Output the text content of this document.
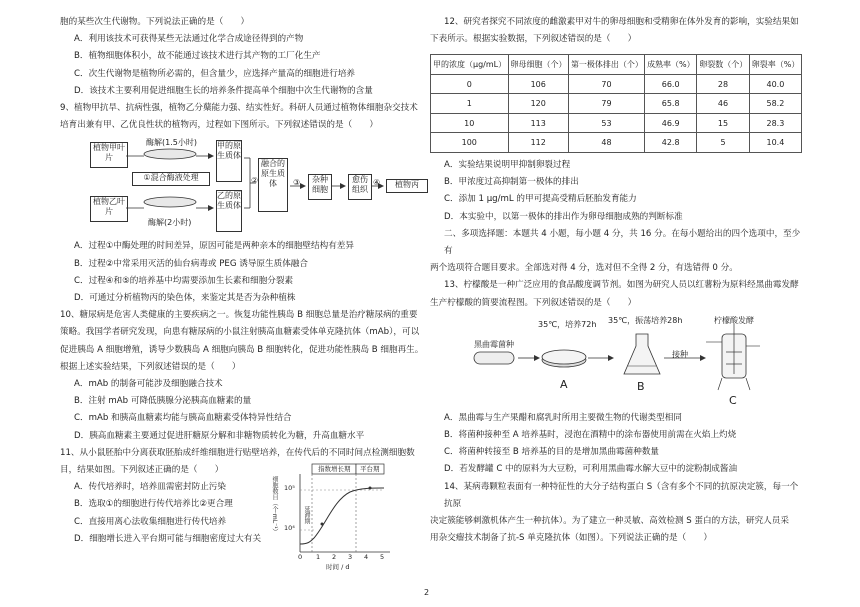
胞的某些次生代谢物。下列说法正确的是（　　）

A．利用该技术可获得某些无法通过化学合成途径得到的产物

B．植物细胞体积小，故不能通过该技术进行其产物的工厂化生产

C．次生代谢物是植物所必需的，但含量少，应选择产量高的细胞进行培养

D．该技术主要利用促进细胞生长的培养条件提高单个细胞中次生代谢物的含量

9、植物甲抗旱、抗病性强，植物乙分蘖能力强、结实性好。科研人员通过植物体细胞杂交技术

培育出兼有甲、乙优良性状的植物丙，过程如下图所示。下列叙述错误的是（　　）

植物甲叶片
植物乙叶片
酶解(1.5小时)
酶解(2小时)
①混合酶液处理
甲的原生质体
乙的原生质体
②
融合的原生质体	③	杂种细胞
愈伤组织
④	植物丙

A．过程①中酶处理的时间差异，原因可能是两种亲本的细胞壁结构有差异

B．过程②中常采用灭活的仙台病毒或 PEG 诱导原生质体融合

C．过程④和⑤的培养基中均需要添加生长素和细胞分裂素

D．可通过分析植物丙的染色体，来鉴定其是否为杂种植株

10、糖尿病是危害人类健康的主要疾病之一。恢复功能性胰岛 B 细胞总量是治疗糖尿病的重要

策略。我国学者研究发现，向患有糖尿病的小鼠注射胰高血糖素受体单克隆抗体（mAb），可以

促进胰岛 A 细胞增殖，诱导少数胰岛 A 细胞向胰岛 B 细胞转化，促进功能性胰岛 B 细胞再生。

根据上述实验结果，下列叙述错误的是（　　）

A．mAb 的制备可能涉及细胞融合技术

B．注射 mAb 可降低胰腺分泌胰高血糖素的量

C．mAb 和胰高血糖素均能与胰高血糖素受体特异性结合

D．胰高血糖素主要通过促进肝糖原分解和非糖物质转化为糖，升高血糖水平

11、从小鼠胚胎中分离获取胚胎成纤维细胞进行贴壁培养，在传代后的不同时间点检测细胞数

目，结果如图。下列叙述正确的是（　　）

A．传代培养时，培养皿需密封防止污染

B．选取①的细胞进行传代培养比②更合理

C．直接用离心法收集细胞进行传代培养

D．细胞增长进入平台期可能与细胞密度过大有关

指数增长期 平台期
延滞期
10⁵
10⁴
细胞数目（个·mL⁻¹）
0 1 2 3 4 5
时间 / d

12、研究者探究不同浓度的雌激素甲对牛的卵母细胞和受精卵在体外发育的影响，实验结果如

下表所示。根据实验数据，下列叙述错误的是（　　）

甲的浓度（μg/mL）	卵母细胞（个）	第一极体排出（个）	成熟率（%）	卵裂数（个）	卵裂率（%）
0	106	70	66.0	28	40.0
1	120	79	65.8	46	58.2
10	113	53	46.9	15	28.3
100	112	48	42.8	5	10.4

A．实验结果说明甲抑制卵裂过程

B．甲浓度过高抑制第一极体的排出

C．添加 1 μg/mL 的甲可提高受精后胚胎发育能力

D．本实验中，以第一极体的排出作为卵母细胞成熟的判断标准

二、多项选择题：本题共 4 小题，每小题 4 分，共 16 分。在每小题给出的四个选项中，至少有

两个选项符合题目要求。全部选对得 4 分，选对但不全得 2 分，有选错得 0 分。

13、柠檬酸是一种广泛应用的食品酸度调节剂。如图为研究人员以红薯粉为原料经黑曲霉发酵

生产柠檬酸的简要流程图。下列叙述错误的是（　　）

35℃，培养72h 35℃，振荡培养28h	柠檬酸发酵
黑曲霉菌种
接种
A	B
C

A．黑曲霉与生产果醋和腐乳时所用主要微生物的代谢类型相同

B．将菌种接种至 A 培养基时，浸泡在酒精中的涂布器使用前需在火焰上灼烧

C．将菌种转接至 B 培养基的目的是增加黑曲霉菌种数量

D．若发酵罐 C 中的原料为大豆粉，可利用黑曲霉水解大豆中的淀粉制成酱油

14、某病毒颗粒表面有一种特征性的大分子结构蛋白 S（含有多个不同的抗原决定簇，每一个抗原

决定簇能够刺激机体产生一种抗体）。为了建立一种灵敏、高效检测 S 蛋白的方法，研究人员采

用杂交瘤技术制备了抗-S 单克隆抗体（如图）。下列说法正确的是（　　）

2
